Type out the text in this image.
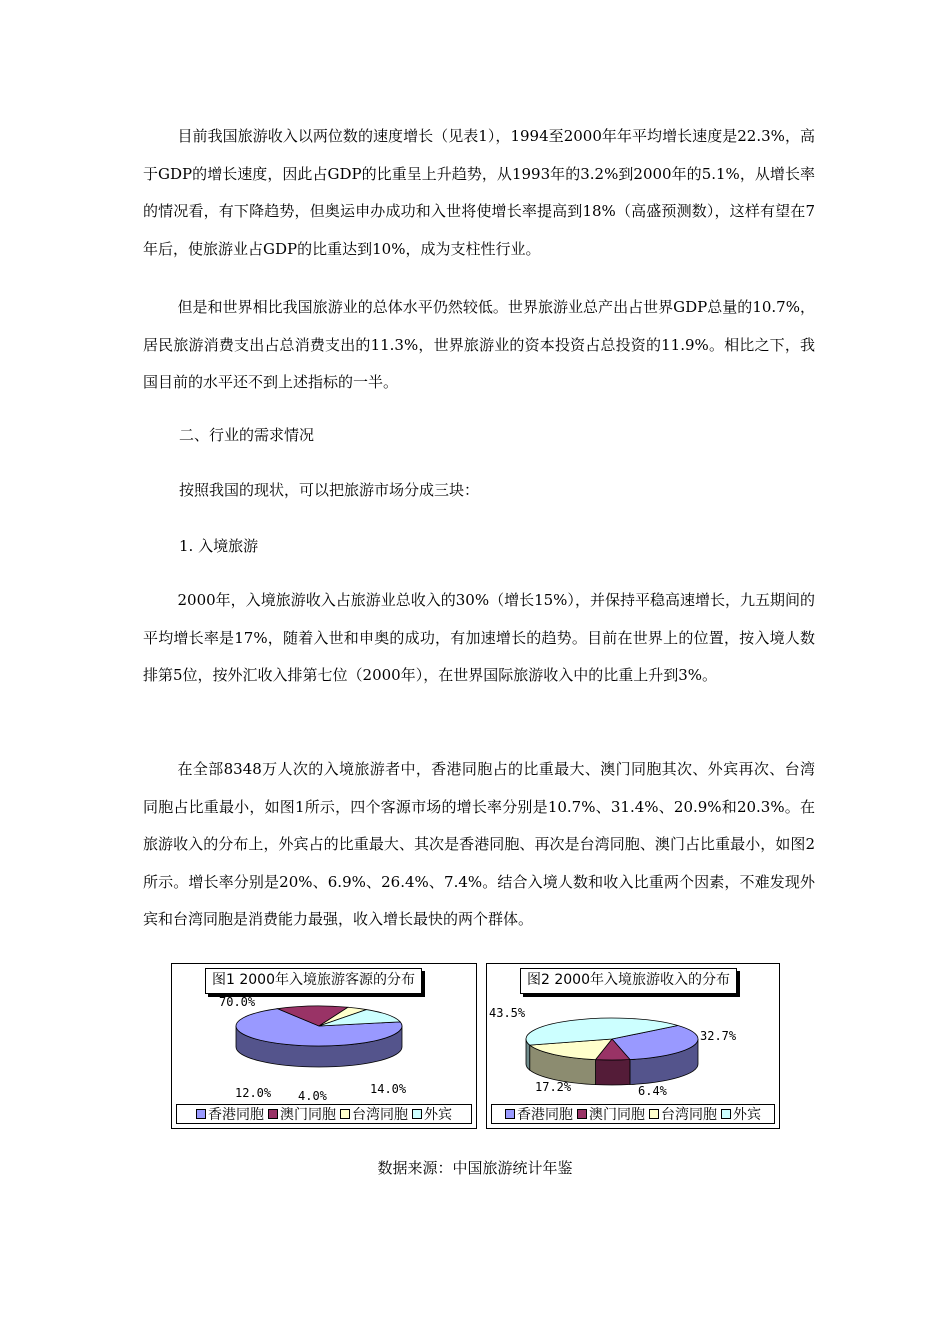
目前我国旅游收入以两位数的速度增长（见表1），1994至2000年年平均增长速度是22.3%，高于GDP的增长速度，因此占GDP的比重呈上升趋势，从1993年的3.2%到2000年的5.1%，从增长率的情况看，有下降趋势，但奥运申办成功和入世将使增长率提高到18%（高盛预测数），这样有望在7年后，使旅游业占GDP的比重达到10%，成为支柱性行业。

但是和世界相比我国旅游业的总体水平仍然较低。世界旅游业总产出占世界GDP总量的10.7%，居民旅游消费支出占总消费支出的11.3%，世界旅游业的资本投资占总投资的11.9%。相比之下，我国目前的水平还不到上述指标的一半。

二、行业的需求情况

按照我国的现状，可以把旅游市场分成三块：

1. 入境旅游

2000年，入境旅游收入占旅游业总收入的30%（增长15%），并保持平稳高速增长，九五期间的平均增长率是17%，随着入世和申奥的成功，有加速增长的趋势。目前在世界上的位置，按入境人数排第5位，按外汇收入排第七位（2000年），在世界国际旅游收入中的比重上升到3%。

在全部8348万人次的入境旅游者中，香港同胞占的比重最大、澳门同胞其次、外宾再次、台湾同胞占比重最小，如图1所示，四个客源市场的增长率分别是10.7%、31.4%、20.9%和20.3%。在旅游收入的分布上，外宾占的比重最大、其次是香港同胞、再次是台湾同胞、澳门占比重最小，如图2所示。增长率分别是20%、6.9%、26.4%、7.4%。结合入境人数和收入比重两个因素，不难发现外宾和台湾同胞是消费能力最强，收入增长最快的两个群体。

70.0%
14.0%
4.0%
12.0%
图1 2000年入境旅游客源的分布
香港同胞 澳门同胞 台湾同胞 外宾
32.7%
6.4%
17.2%
43.5%
图2 2000年入境旅游收入的分布
香港同胞 澳门同胞 台湾同胞 外宾

数据来源：中国旅游统计年鉴
